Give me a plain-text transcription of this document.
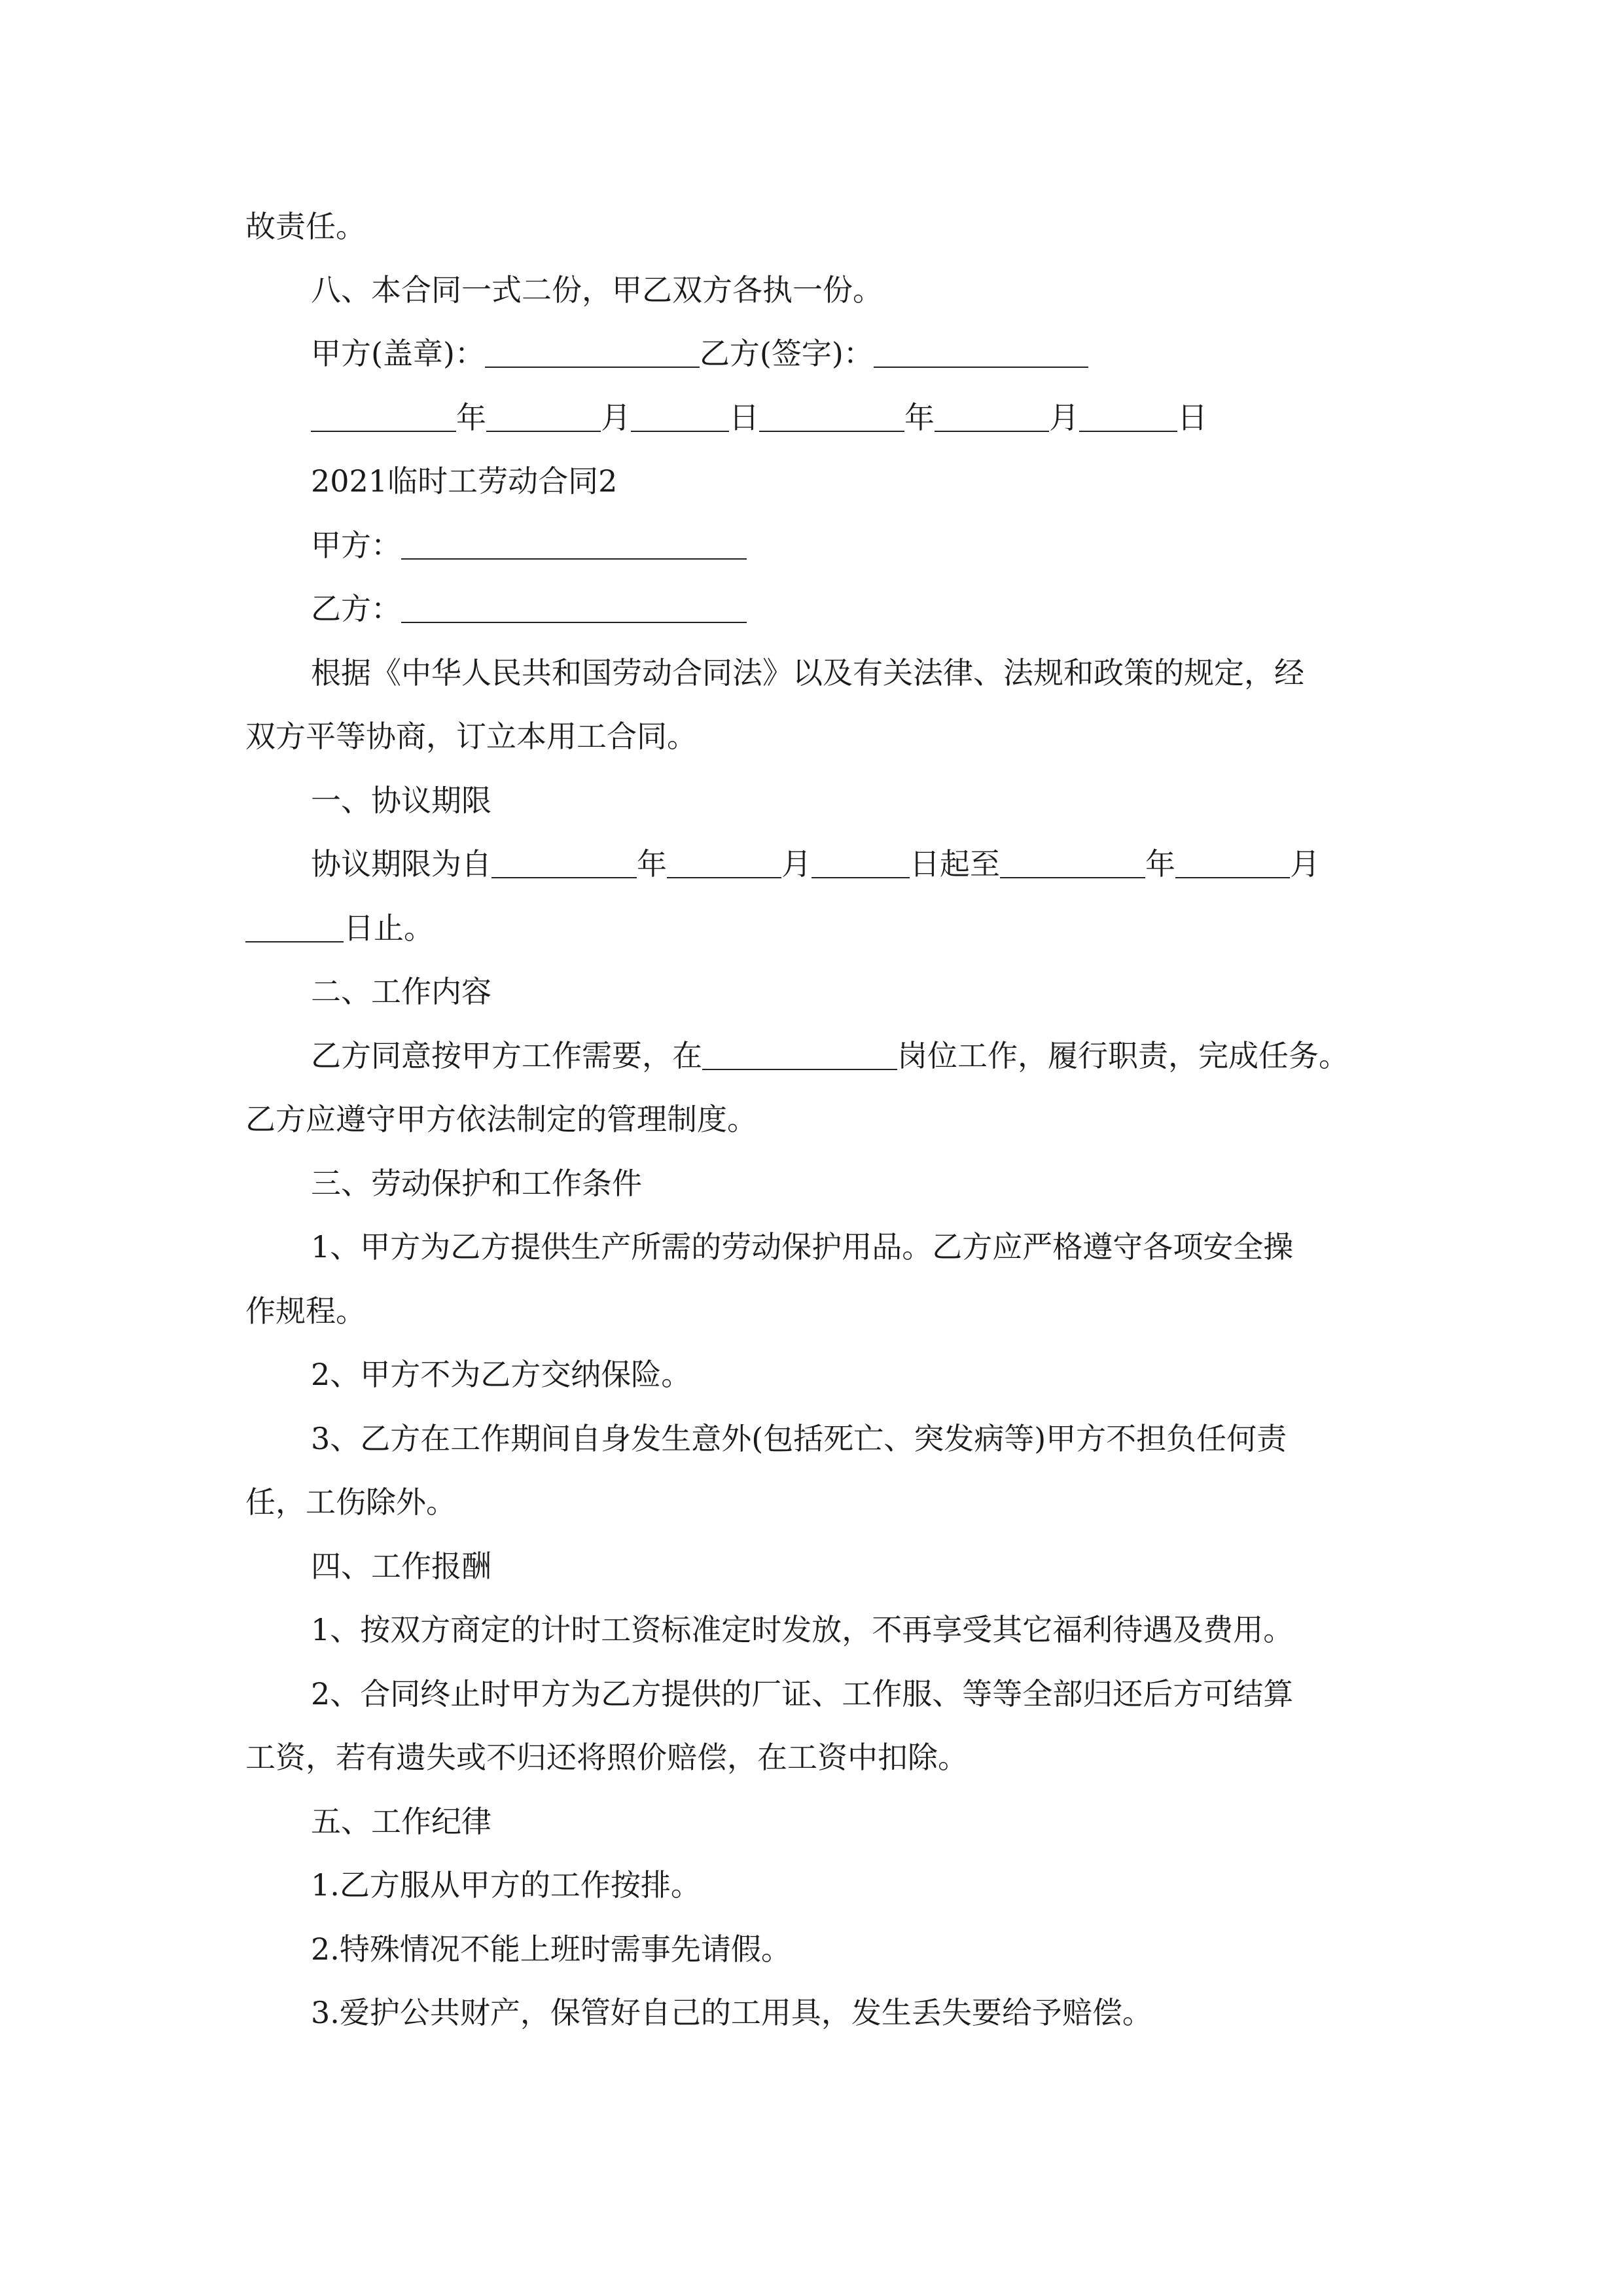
故责任。
八、本合同一式二份，甲乙双方各执一份。
甲方(盖章)：	乙方(签字)：
年	月	日	年	月	日
2021临时工劳动合同2
甲方：
乙方：
根据《中华人民共和国劳动合同法》以及有关法律、法规和政策的规定，经
双方平等协商，订立本用工合同。
一、协议期限
协议期限为自	年	月	日起至	年	月
日止。
二、工作内容
乙方同意按甲方工作需要，在	岗位工作，履行职责，完成任务。
乙方应遵守甲方依法制定的管理制度。
三、劳动保护和工作条件
1、甲方为乙方提供生产所需的劳动保护用品。乙方应严格遵守各项安全操
作规程。
2、甲方不为乙方交纳保险。
3、乙方在工作期间自身发生意外(包括死亡、突发病等)甲方不担负任何责
任，工伤除外。
四、工作报酬
1、按双方商定的计时工资标准定时发放，不再享受其它福利待遇及费用。
2、合同终止时甲方为乙方提供的厂证、工作服、等等全部归还后方可结算
工资，若有遗失或不归还将照价赔偿，在工资中扣除。
五、工作纪律
1.乙方服从甲方的工作按排。
2.特殊情况不能上班时需事先请假。
3.爱护公共财产，保管好自己的工用具，发生丢失要给予赔偿。
